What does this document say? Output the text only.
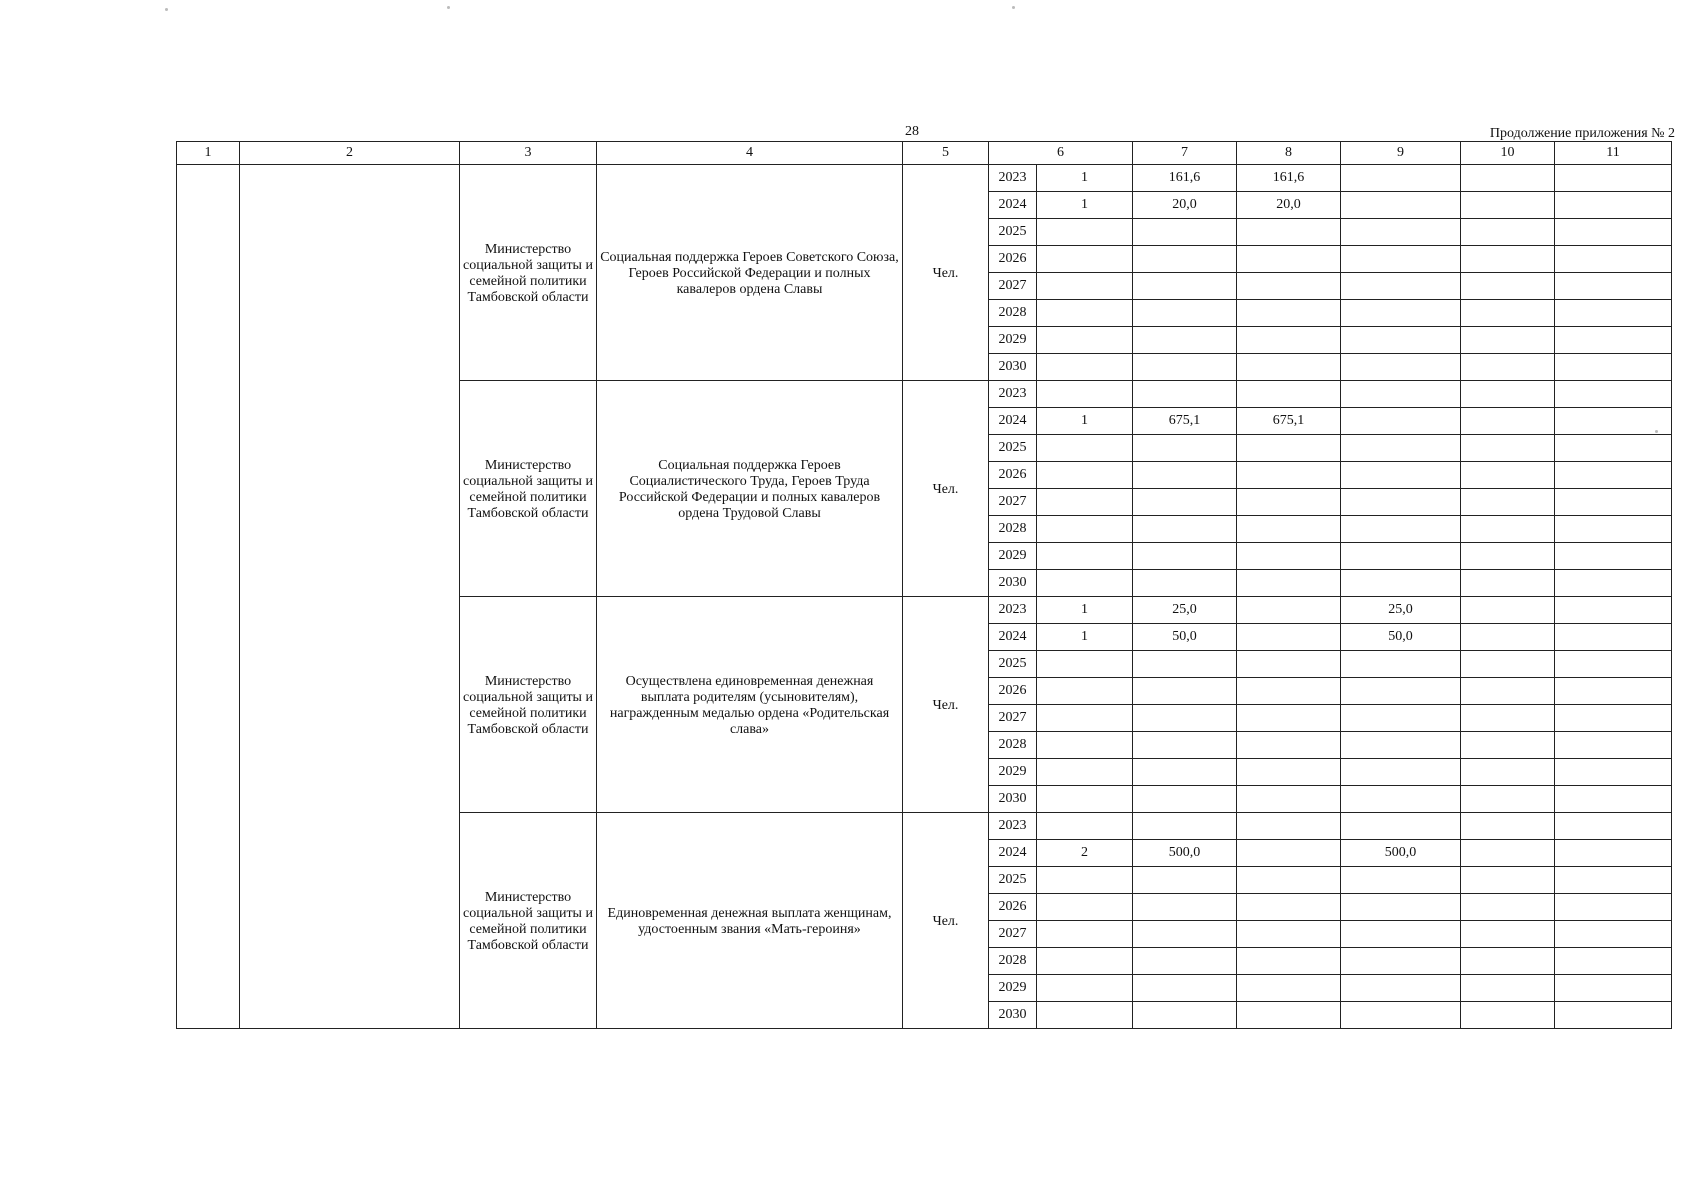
28	Продолжение приложения № 2
1	2	3	4	5	6		7	8	9	10	11
		Министерство социальной защиты и семейной политики Тамбовской области	Социальная поддержка Героев Советского Союза, Героев Российской Федерации и полных кавалеров ордена Славы	Чел.	2023	1	161,6	161,6			
					2024	1	20,0	20,0			
					2025						
					2026						
					2027						
					2028						
					2029						
					2030						
		Министерство социальной защиты и семейной политики Тамбовской области	Социальная поддержка Героев Социалистического Труда, Героев Труда Российской Федерации и полных кавалеров ордена Трудовой Славы	Чел.	2023						
					2024	1	675,1	675,1			
					2025						
					2026						
					2027						
					2028						
					2029						
					2030						
		Министерство социальной защиты и семейной политики Тамбовской области	Осуществлена единовременная денежная выплата родителям (усыновителям), награжденным медалью ордена «Родительская слава»	Чел.	2023	1	25,0		25,0		
					2024	1	50,0		50,0		
					2025						
					2026						
					2027						
					2028						
					2029						
					2030						
		Министерство социальной защиты и семейной политики Тамбовской области	Единовременная денежная выплата женщинам, удостоенным звания «Мать-героиня»	Чел.	2023						
					2024	2	500,0		500,0		
					2025						
					2026						
					2027						
					2028						
					2029						
					2030						
